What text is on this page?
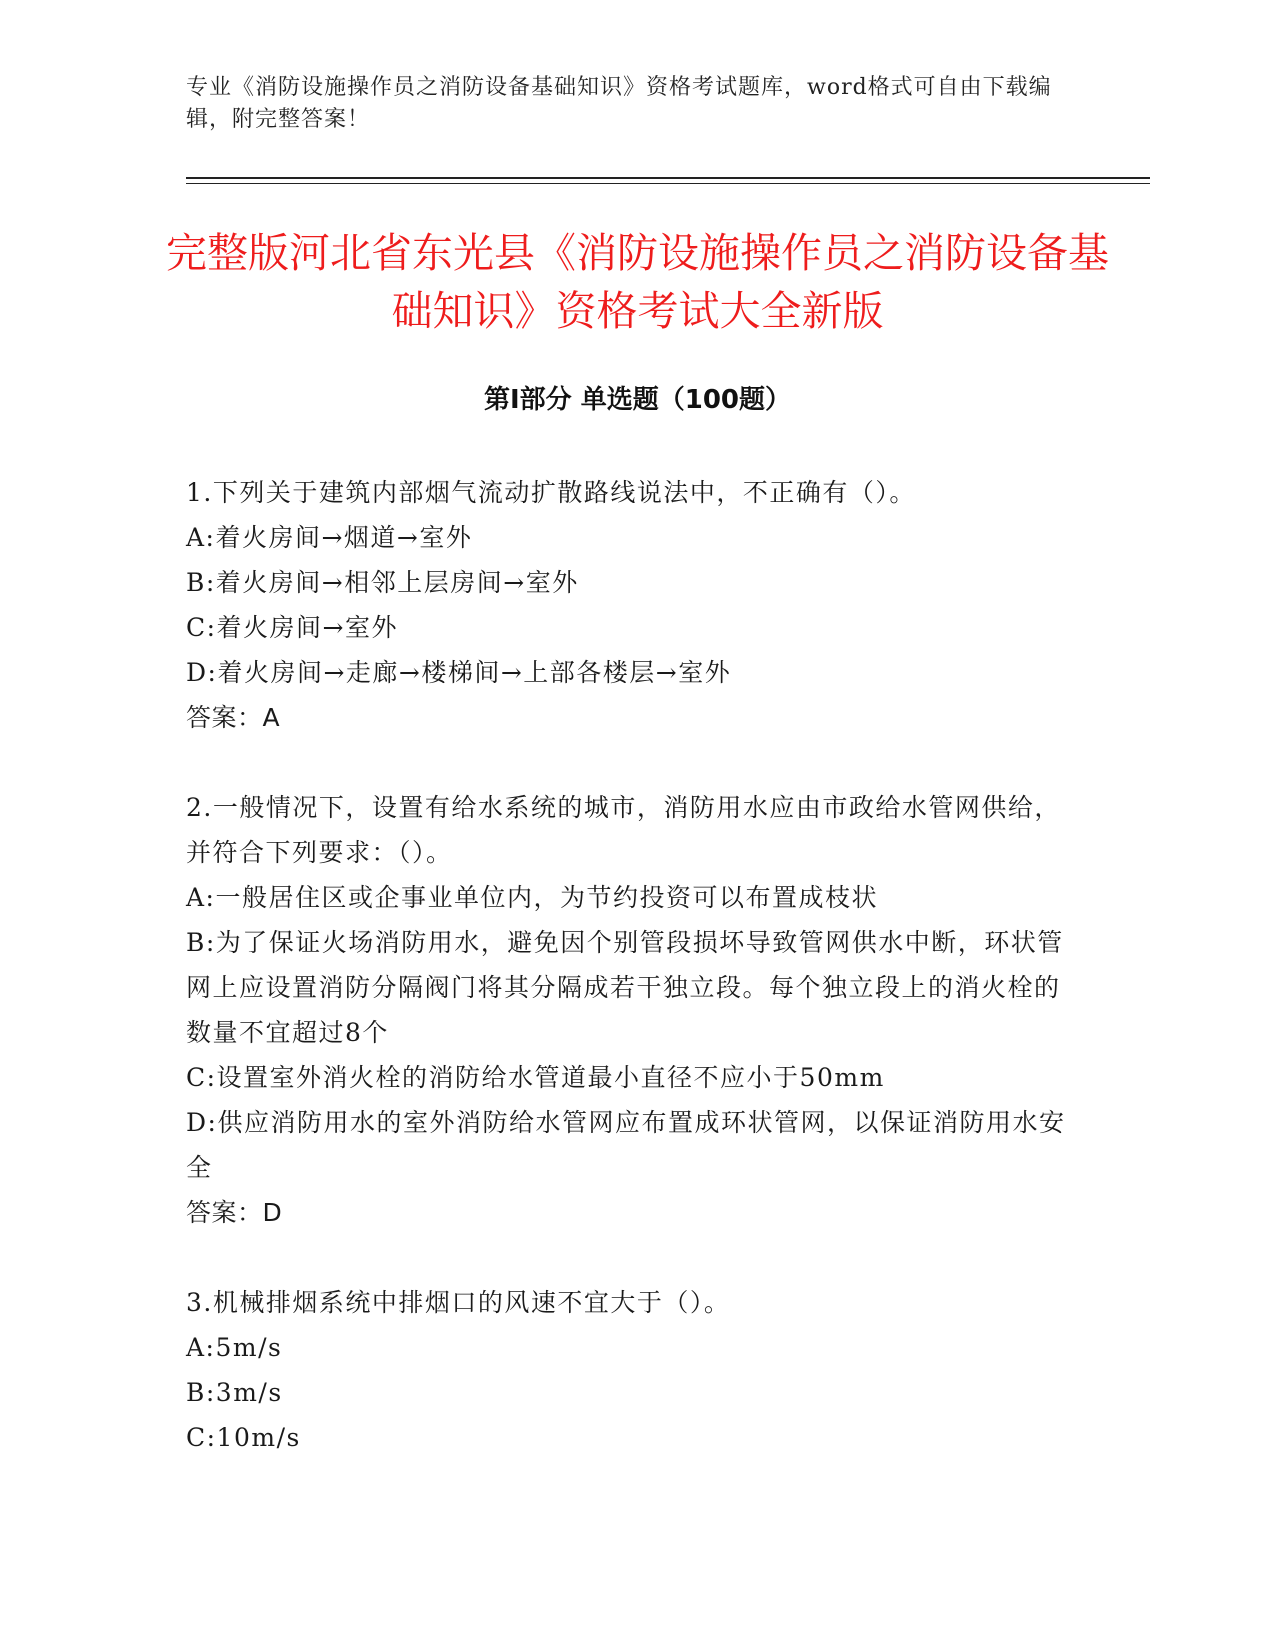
专业《消防设施操作员之消防设备基础知识》资格考试题库，word格式可自由下载编辑，附完整答案！
完整版河北省东光县《消防设施操作员之消防设备基础知识》资格考试大全新版
第Ⅰ部分 单选题（100题）

1.下列关于建筑内部烟气流动扩散路线说法中，不正确有（）。

A:着火房间→烟道→室外

B:着火房间→相邻上层房间→室外

C:着火房间→室外

D:着火房间→走廊→楼梯间→上部各楼层→室外

答案：A

2.一般情况下，设置有给水系统的城市，消防用水应由市政给水管网供给，并符合下列要求：（）。

A:一般居住区或企事业单位内，为节约投资可以布置成枝状

B:为了保证火场消防用水，避免因个别管段损坏导致管网供水中断，环状管网上应设置消防分隔阀门将其分隔成若干独立段。每个独立段上的消火栓的数量不宜超过8个

C:设置室外消火栓的消防给水管道最小直径不应小于50mm

D:供应消防用水的室外消防给水管网应布置成环状管网，以保证消防用水安全

答案：D

3.机械排烟系统中排烟口的风速不宜大于（）。

A:5m/s

B:3m/s

C:10m/s
